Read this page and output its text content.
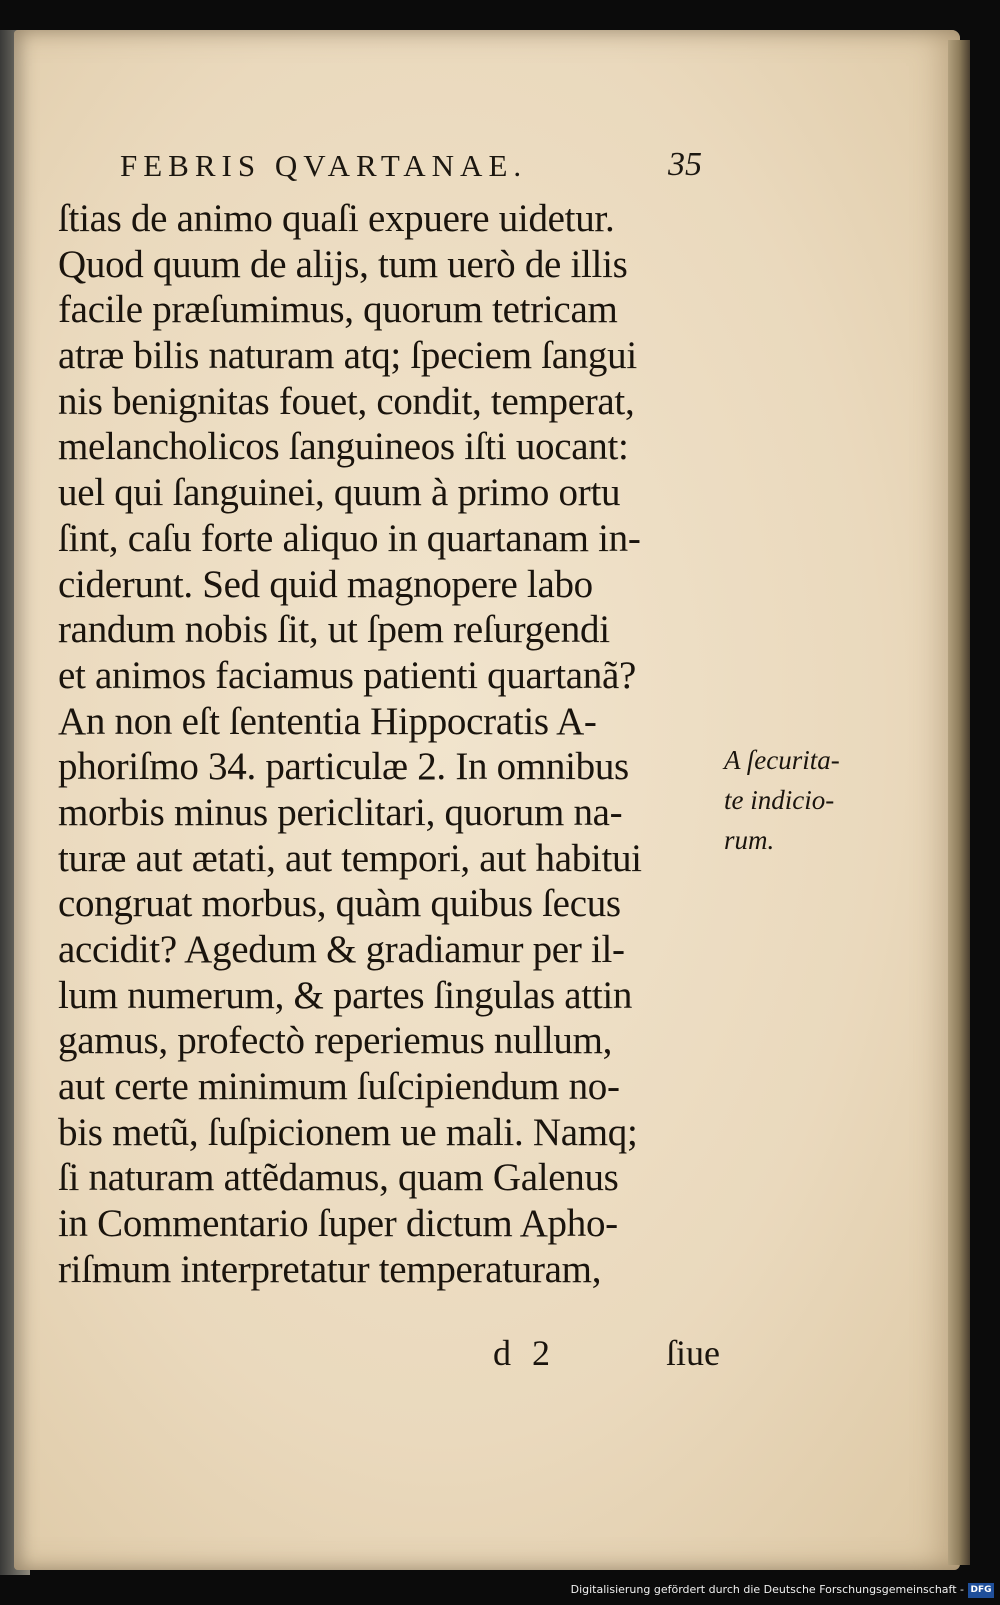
FEBRIS QVARTANAE.	35
ſtias de animo quaſi expuere uidetur.
Quod quum de alijs, tum uerò de illis
facile præſumimus, quorum tetricam
atræ bilis naturam atq; ſpeciem ſangui
nis benignitas fouet, condit, temperat,
melancholicos ſanguineos iſti uocant:
uel qui ſanguinei, quum à primo ortu
ſint, caſu forte aliquo in quartanam in-
ciderunt. Sed quid magnopere labo
randum nobis ſit, ut ſpem reſurgendi
et animos faciamus patienti quartanã?
An non eſt ſententia Hippocratis A-
phoriſmo 34. particulæ 2. In omnibus
morbis minus periclitari, quorum na-
turæ aut ætati, aut tempori, aut habitui
congruat morbus, quàm quibus ſecus
accidit? Agedum & gradiamur per il-
lum numerum, & partes ſingulas attin
gamus, profectò reperiemus nullum,
aut certe minimum ſuſcipiendum no-
bis metũ, ſuſpicionem ue mali. Namq;
ſi naturam attẽdamus, quam Galenus
in Commentario ſuper dictum Apho-
riſmum interpretatur temperaturam,
A ſecurita-
te indicio-
rum.
d 2	ſiue
Digitalisierung gefördert durch die Deutsche Forschungsgemeinschaft - DFG
